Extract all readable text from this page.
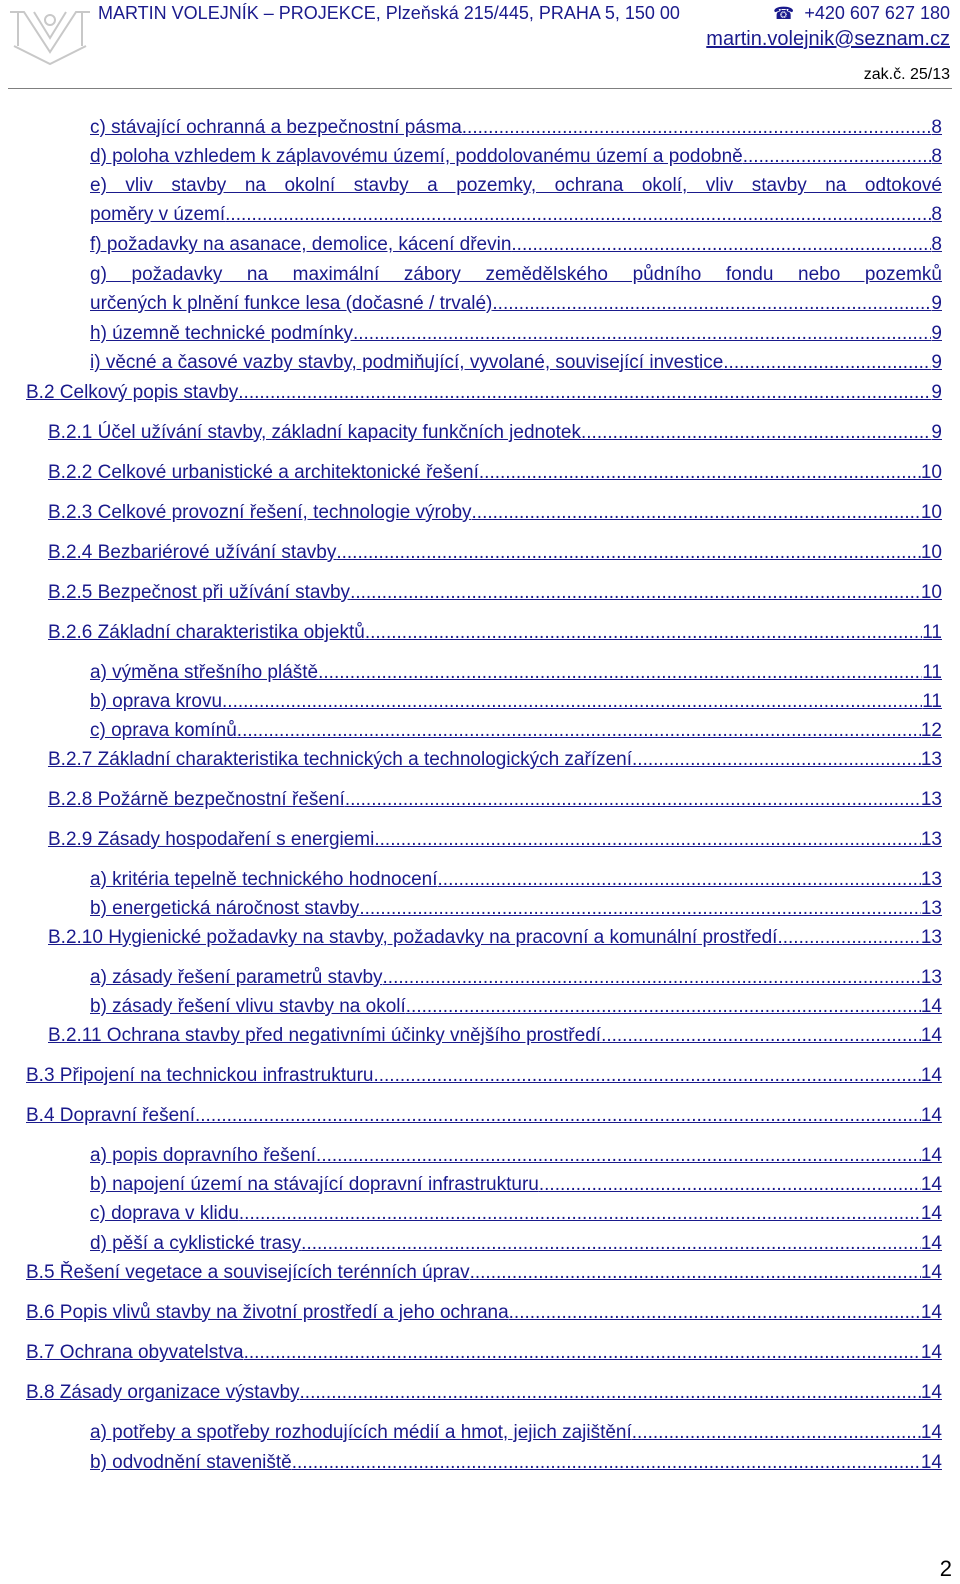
MARTIN VOLEJNÍK – PROJEKCE, Plzeňská 215/445, PRAHA 5, 150 00	☎ +420 607 627 180
martin.volejnik@seznam.cz
zak.č. 25/13
c) stávající ochranná a bezpečnostní pásma .....	8
d) poloha vzhledem k záplavovému území, poddolovanému území a podobně .....	8
e) vliv stavby na okolní stavby a pozemky, ochrana okolí, vliv stavby na odtokové
poměry v území .....	8
f) požadavky na asanace, demolice, kácení dřevin .....	8
g) požadavky na maximální zábory zemědělského půdního fondu nebo pozemků
určených k plnění funkce lesa (dočasné / trvalé) .....	9
h) územně technické podmínky .....	9
i) věcné a časové vazby stavby, podmiňující, vyvolané, související investice .....	9
B.2 Celkový popis stavby .....	9
B.2.1 Účel užívání stavby, základní kapacity funkčních jednotek .....	9
B.2.2 Celkové urbanistické a architektonické řešení .....	10
B.2.3 Celkové provozní řešení, technologie výroby .....	10
B.2.4 Bezbariérové užívání stavby .....	10
B.2.5 Bezpečnost při užívání stavby .....	10
B.2.6 Základní charakteristika objektů .....	11
a) výměna střešního pláště .....	11
b) oprava krovu .....	11
c) oprava komínů .....	12
B.2.7 Základní charakteristika technických a technologických zařízení .....	13
B.2.8 Požárně bezpečnostní řešení .....	13
B.2.9 Zásady hospodaření s energiemi .....	13
a) kritéria tepelně technického hodnocení .....	13
b) energetická náročnost stavby .....	13
B.2.10 Hygienické požadavky na stavby, požadavky na pracovní a komunální prostředí. .....	13
a) zásady řešení parametrů stavby .....	13
b) zásady řešení vlivu stavby na okolí .....	14
B.2.11 Ochrana stavby před negativními účinky vnějšího prostředí .....	14
B.3 Připojení na technickou infrastrukturu .....	14
B.4 Dopravní řešení .....	14
a) popis dopravního řešení .....	14
b) napojení území na stávající dopravní infrastrukturu .....	14
c) doprava v klidu .....	14
d) pěší a cyklistické trasy .....	14
B.5 Řešení vegetace a souvisejících terénních úprav .....	14
B.6 Popis vlivů stavby na životní prostředí a jeho ochrana .....	14
B.7 Ochrana obyvatelstva .....	14
B.8 Zásady organizace výstavby .....	14
a) potřeby a spotřeby rozhodujících médií a hmot, jejich zajištění .....	14
b) odvodnění staveniště .....	14
2
